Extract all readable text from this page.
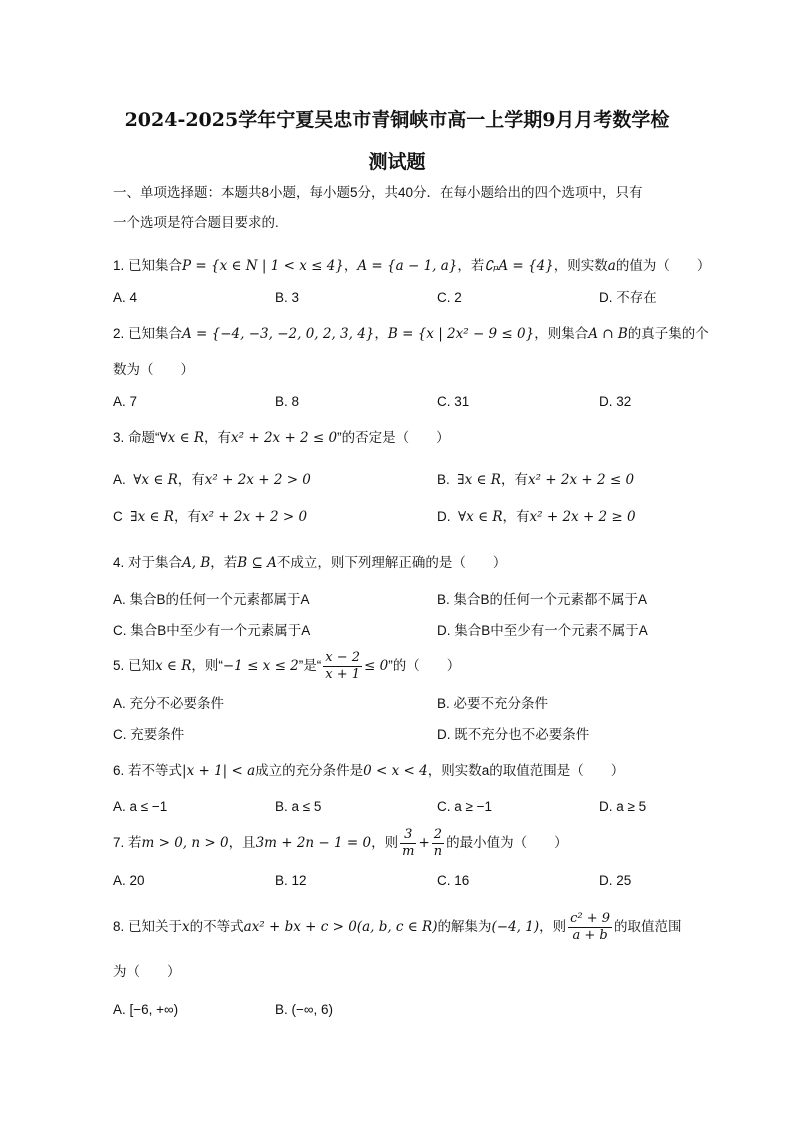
2024-2025学年宁夏吴忠市青铜峡市高一上学期9月月考数学检
测试题
一、单项选择题：本题共8小题，每小题5分，共40分．在每小题给出的四个选项中，只有
一个选项是符合题目要求的.
1. 已知集合P = {x ∈ N | 1 < x ≤ 4}，A = {a − 1, a}，若∁ₚA = {4}，则实数a的值为（　　）
A. 4	B. 3	C. 2	D. 不存在
2. 已知集合A = {−4, −3, −2, 0, 2, 3, 4}，B = {x | 2x² − 9 ≤ 0}，则集合A ∩ B的真子集的个
数为（　　）
A. 7	B. 8	C. 31	D. 32
3. 命题“∀x ∈ R，有x² + 2x + 2 ≤ 0”的否定是（　　）
A. ∀x ∈ R，有x² + 2x + 2 > 0	B. ∃x ∈ R，有x² + 2x + 2 ≤ 0
C ∃x ∈ R，有x² + 2x + 2 > 0	D. ∀x ∈ R，有x² + 2x + 2 ≥ 0
4. 对于集合A, B，若B ⊆ A不成立，则下列理解正确的是（　　）
A. 集合B的任何一个元素都属于A	B. 集合B的任何一个元素都不属于A
C. 集合B中至少有一个元素属于A	D. 集合B中至少有一个元素不属于A
5. 已知x ∈ R，则“−1 ≤ x ≤ 2”是“ $\frac{x - 2}{x + 1} \le 0$”的（　　）
A. 充分不必要条件	B. 必要不充分条件
C. 充要条件	D. 既不充分也不必要条件
6. 若不等式|x + 1| < a成立的充分条件是0 < x < 4，则实数a的取值范围是（　　）
A. a ≤ −1	B. a ≤ 5	C. a ≥ −1	D. a ≥ 5
7. 若m > 0, n > 0，且3m + 2n − 1 = 0，则 $\frac{3}{m} + \frac{2}{n}$ 的最小值为（　　）
A. 20	B. 12	C. 16	D. 25
8. 已知关于x的不等式ax² + bx + c > 0(a, b, c ∈ R)的解集为(−4, 1)，则 $\frac{\text{c² + 9}}{a + b}$ 的取值范围
为（　　）
A. [−6, +∞)	B. (−∞, 6)
